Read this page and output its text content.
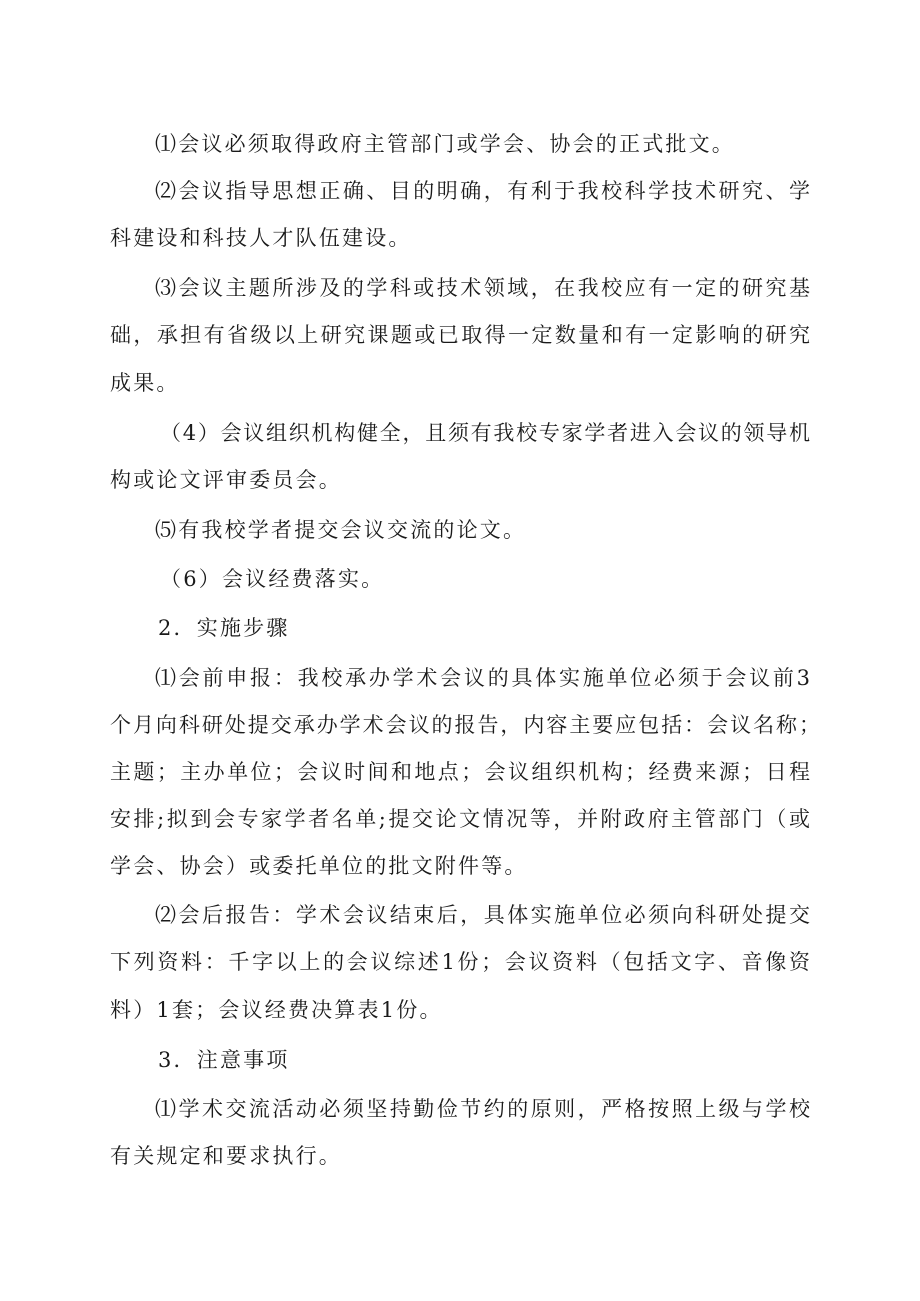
⑴会议必须取得政府主管部门或学会、协会的正式批文。
⑵会议指导思想正确、目的明确，有利于我校科学技术研究、学
科建设和科技人才队伍建设。
⑶会议主题所涉及的学科或技术领域，在我校应有一定的研究基
础，承担有省级以上研究课题或已取得一定数量和有一定影响的研究
成果。
（4）会议组织机构健全，且须有我校专家学者进入会议的领导机
构或论文评审委员会。
⑸有我校学者提交会议交流的论文。
（6）会议经费落实。
2．实施步骤
⑴会前申报：我校承办学术会议的具体实施单位必须于会议前3
个月向科研处提交承办学术会议的报告，内容主要应包括：会议名称；
主题；主办单位；会议时间和地点；会议组织机构；经费来源；日程
安排;拟到会专家学者名单;提交论文情况等，并附政府主管部门（或
学会、协会）或委托单位的批文附件等。
⑵会后报告：学术会议结束后，具体实施单位必须向科研处提交
下列资料：千字以上的会议综述1份；会议资料（包括文字、音像资
料）1套；会议经费决算表1份。
3．注意事项
⑴学术交流活动必须坚持勤俭节约的原则，严格按照上级与学校
有关规定和要求执行。
